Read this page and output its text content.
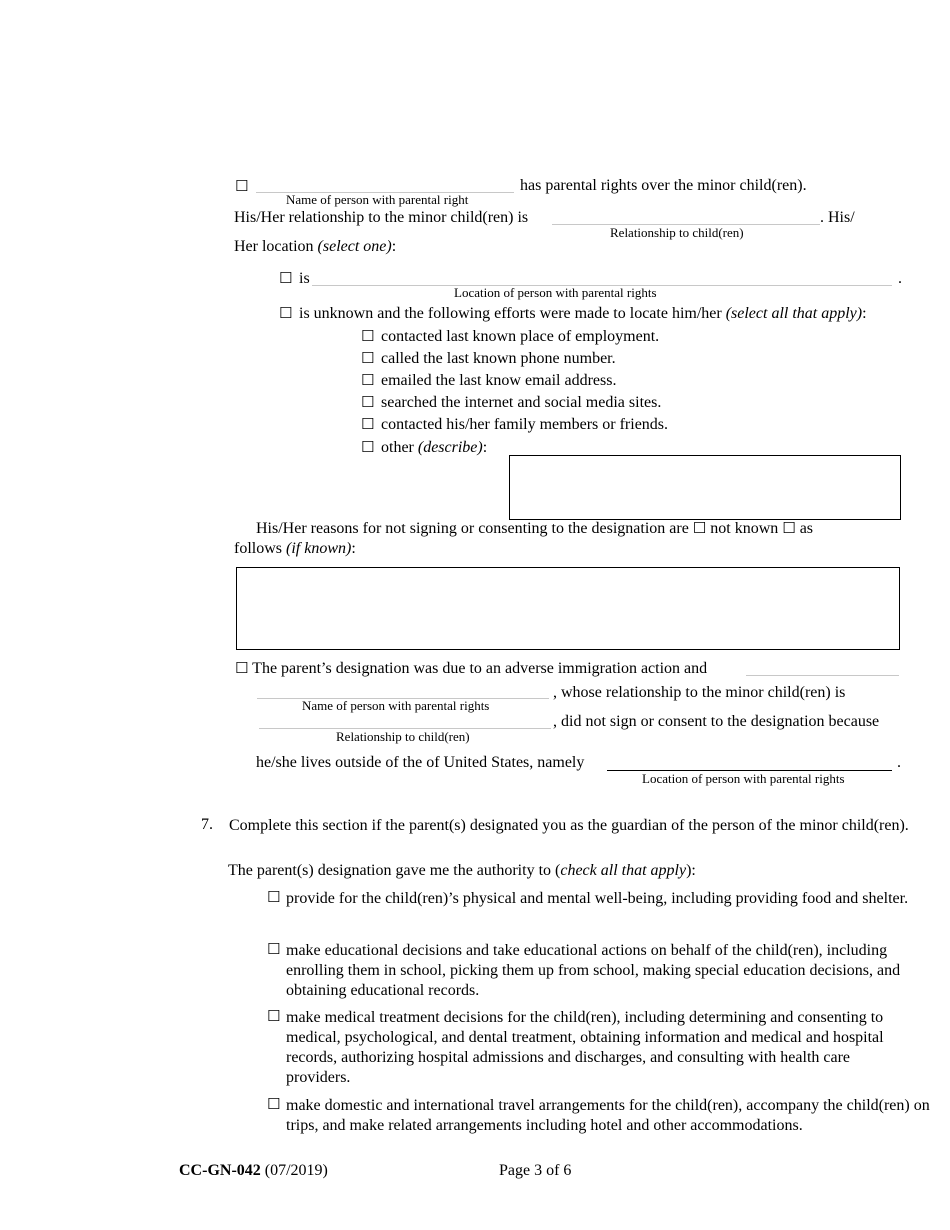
☐
Name of person with parental right
has parental rights over the minor child(ren).
His/Her relationship to the minor child(ren) is
Relationship to child(ren)
. His/
Her location (select one):
☐ is	.
Location of person with parental rights
☐ is unknown and the following efforts were made to locate him/her (select all that apply):
☐ contacted last known place of employment.
☐ called the last known phone number.
☐ emailed the last know email address.
☐ searched the internet and social media sites.
☐ contacted his/her family members or friends.
☐ other (describe):
His/Her reasons for not signing or consenting to the designation are ☐ not known ☐ as
follows (if known):
☐ The parent’s designation was due to an adverse immigration action and
Name of person with parental rights
, whose relationship to the minor child(ren) is
Relationship to child(ren)
, did not sign or consent to the designation because
he/she lives outside of the of United States, namely	.
Location of person with parental rights
7. Complete this section if the parent(s) designated you as the guardian of the person of the minor child(ren).
The parent(s) designation gave me the authority to (check all that apply):
☐ provide for the child(ren)’s physical and mental well-being, including providing food and shelter.
☐ make educational decisions and take educational actions on behalf of the child(ren), including enrolling them in school, picking them up from school, making special education decisions, and obtaining educational records.
☐ make medical treatment decisions for the child(ren), including determining and consenting to medical, psychological, and dental treatment, obtaining information and medical and hospital records, authorizing hospital admissions and discharges, and consulting with health care providers.
☐ make domestic and international travel arrangements for the child(ren), accompany the child(ren) on trips, and make related arrangements including hotel and other accommodations.
CC-GN-042 (07/2019)	Page 3 of 6
